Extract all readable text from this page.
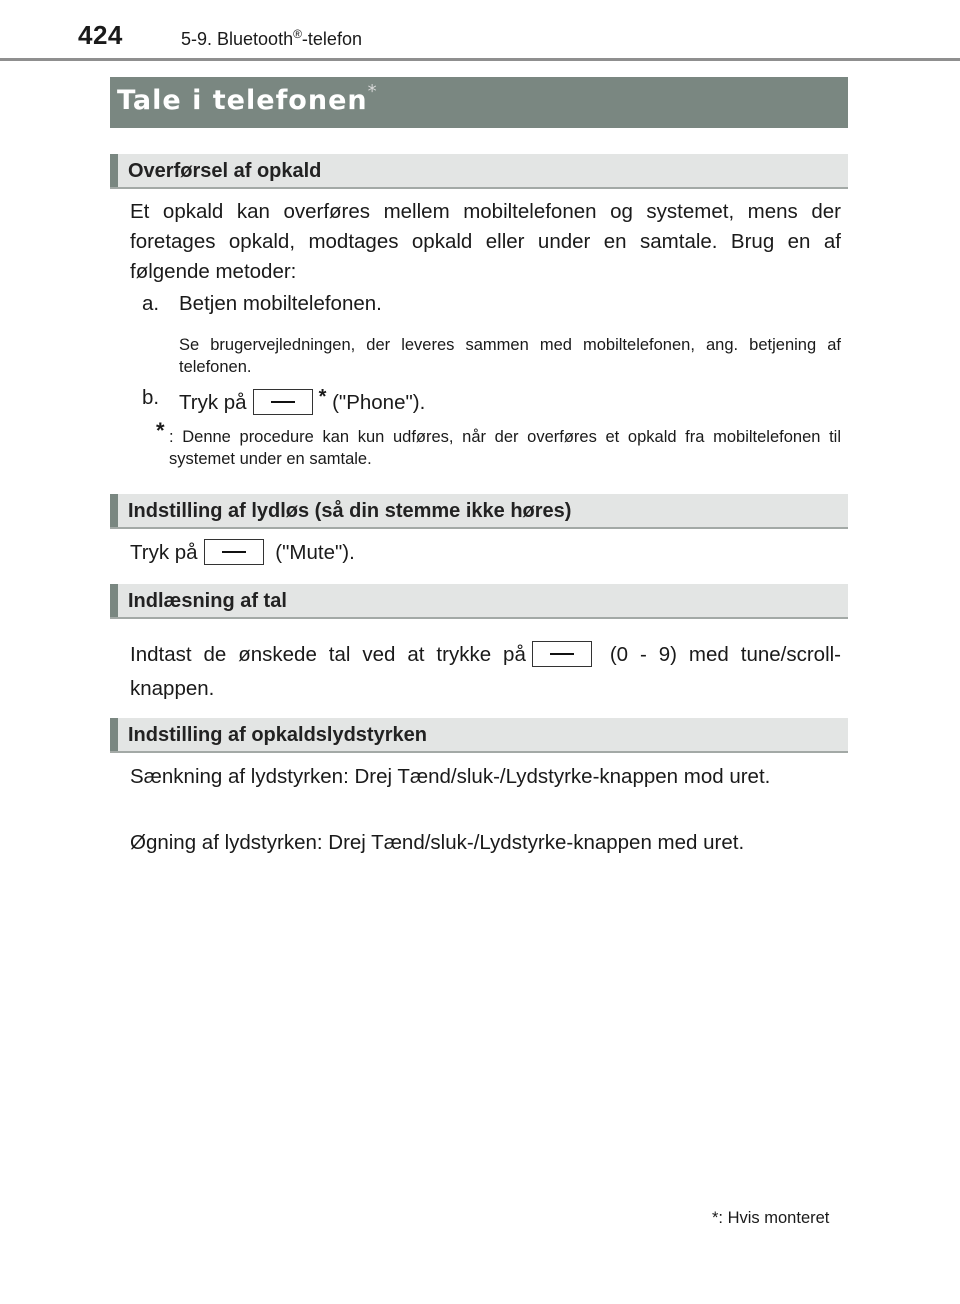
424	5-9. Bluetooth®-telefon
Tale i telefonen *
Overførsel af opkald
Et opkald kan overføres mellem mobiltelefonen og systemet, mens der foretages opkald, modtages opkald eller under en samtale. Brug en af følgende metoder:
a. Betjen mobiltelefonen.
Se brugervejledningen, der leveres sammen med mobiltelefonen, ang. betjening af telefonen.
b. Tryk på	* ("Phone").
* : Denne procedure kan kun udføres, når der overføres et opkald fra mobiltelefonen til systemet under en samtale.
Indstilling af lydløs (så din stemme ikke høres)
Tryk på	("Mute").
Indlæsning af tal
Indtast de ønskede tal ved at trykke på	(0 - 9) med tune/scroll-knappen.
Indstilling af opkaldslydstyrken
Sænkning af lydstyrken: Drej Tænd/sluk-/Lydstyrke-knappen mod uret.
Øgning af lydstyrken: Drej Tænd/sluk-/Lydstyrke-knappen med uret.
*: Hvis monteret
